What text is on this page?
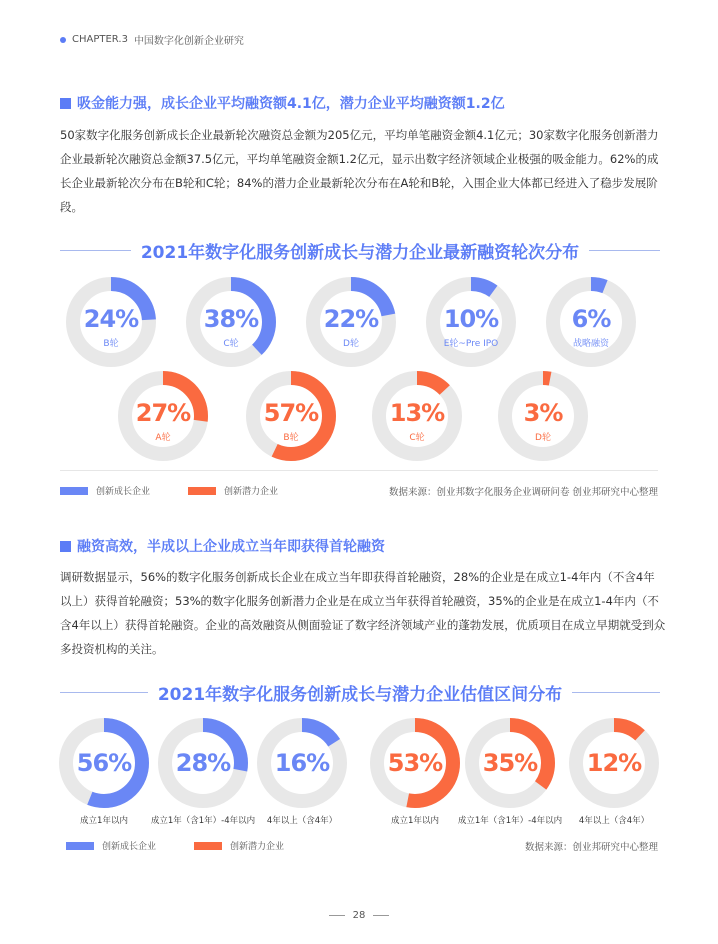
CHAPTER.3 中国数字化创新企业研究
吸金能力强，成长企业平均融资额4.1亿，潜力企业平均融资额1.2亿

50家数字化服务创新成长企业最新轮次融资总金额为205亿元，平均单笔融资金额4.1亿元；30家数字化服务创新潜力企业最新轮次融资总金额37.5亿元，平均单笔融资金额1.2亿元，显示出数字经济领域企业极强的吸金能力。62%的成长企业最新轮次分布在B轮和C轮；84%的潜力企业最新轮次分布在A轮和B轮，入围企业大体都已经进入了稳步发展阶段。

2021年数字化服务创新成长与潜力企业最新融资轮次分布
24%
B轮
38%
C轮
22%
D轮
10%
E轮~Pre IPO
6%
战略融资
27%
A轮
57%
B轮
13%
C轮
3%
D轮
创新成长企业	创新潜力企业	数据来源：创业邦数字化服务企业调研问卷 创业邦研究中心整理
融资高效，半成以上企业成立当年即获得首轮融资

调研数据显示，56%的数字化服务创新成长企业在成立当年即获得首轮融资，28%的企业是在成立1-4年内（不含4年以上）获得首轮融资；53%的数字化服务创新潜力企业是在成立当年获得首轮融资，35%的企业是在成立1-4年内（不含4年以上）获得首轮融资。企业的高效融资从侧面验证了数字经济领域产业的蓬勃发展，优质项目在成立早期就受到众多投资机构的关注。

2021年数字化服务创新成长与潜力企业估值区间分布
56%
成立1年以内
28%
成立1年（含1年）-4年以内
16%
4年以上（含4年）
53%
成立1年以内
35%
成立1年（含1年）-4年以内
12%
4年以上（含4年）
创新成长企业	创新潜力企业	数据来源：创业邦研究中心整理
28
